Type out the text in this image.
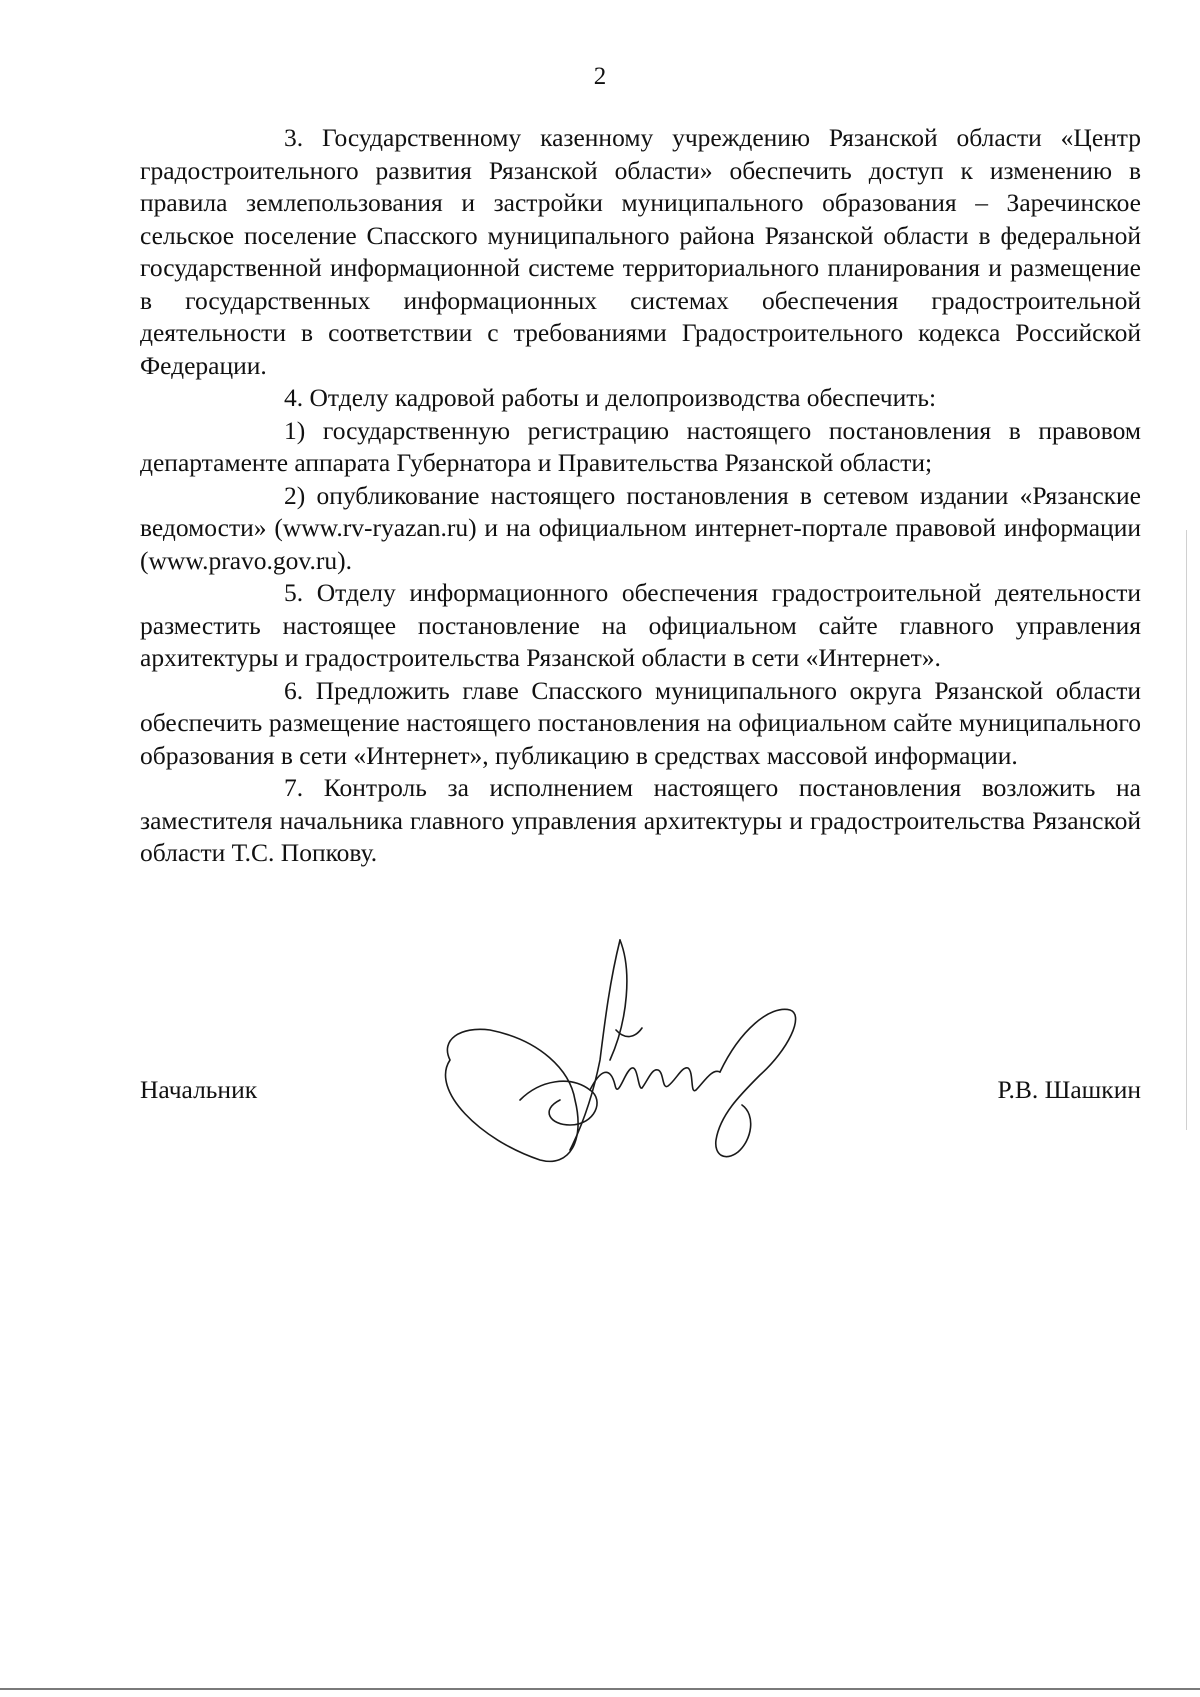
2

3. Государственному казенному учреждению Рязанской области «Центр градостроительного развития Рязанской области» обеспечить доступ к изменению в правила землепользования и застройки муниципального образования – Заречинское сельское поселение Спасского муниципального района Рязанской области в федеральной государственной информационной системе территориального планирования и размещение в государственных информационных системах обеспечения градостроительной деятельности в соответствии с требованиями Градостроительного кодекса Российской Федерации.

4. Отделу кадровой работы и делопроизводства обеспечить:

1) государственную регистрацию настоящего постановления в правовом департаменте аппарата Губернатора и Правительства Рязанской области;

2) опубликование настоящего постановления в сетевом издании «Рязанские ведомости» (www.rv-ryazan.ru) и на официальном интернет-портале правовой информации (www.pravo.gov.ru).

5. Отделу информационного обеспечения градостроительной деятельности разместить настоящее постановление на официальном сайте главного управления архитектуры и градостроительства Рязанской области в сети «Интернет».

6. Предложить главе Спасского муниципального округа Рязанской области обеспечить размещение настоящего постановления на официальном сайте муниципального образования в сети «Интернет», публикацию в средствах массовой информации.

7. Контроль за исполнением настоящего постановления возложить на заместителя начальника главного управления архитектуры и градостроительства Рязанской области Т.С. Попкову.

Начальник	Р.В. Шашкин
